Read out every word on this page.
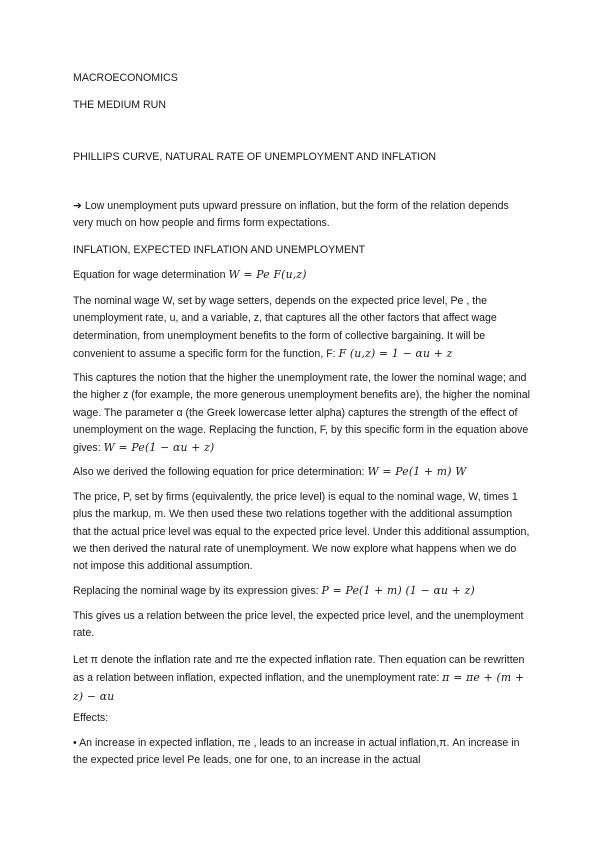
MACROECONOMICS
THE MEDIUM RUN
PHILLIPS CURVE, NATURAL RATE OF UNEMPLOYMENT AND INFLATION
➔ Low unemployment puts upward pressure on inflation, but the form of the relation depends very much on how people and firms form expectations.
INFLATION, EXPECTED INFLATION AND UNEMPLOYMENT
Equation for wage determination W = Pe F(u,z)
The nominal wage W, set by wage setters, depends on the expected price level, Pe , the unemployment rate, u, and a variable, z, that captures all the other factors that affect wage determination, from unemployment benefits to the form of collective bargaining. It will be convenient to assume a specific form for the function, F: F (u,z) = 1 − αu + z
This captures the notion that the higher the unemployment rate, the lower the nominal wage; and the higher z (for example, the more generous unemployment benefits are), the higher the nominal wage. The parameter α (the Greek lowercase letter alpha) captures the strength of the effect of unemployment on the wage. Replacing the function, F, by this specific form in the equation above gives: W = Pe(1 − αu + z)
Also we derived the following equation for price determination: W = Pe(1 + m) W
The price, P, set by firms (equivalently, the price level) is equal to the nominal wage, W, times 1 plus the markup, m. We then used these two relations together with the additional assumption that the actual price level was equal to the expected price level. Under this additional assumption, we then derived the natural rate of unemployment. We now explore what happens when we do not impose this additional assumption.
Replacing the nominal wage by its expression gives: P = Pe(1 + m) (1 − αu + z)
This gives us a relation between the price level, the expected price level, and the unemployment rate.
Let π denote the inflation rate and πe the expected inflation rate. Then equation can be rewritten as a relation between inflation, expected inflation, and the unemployment rate: π = πe + (m + z) − αu
Effects:
• An increase in expected inflation, πe , leads to an increase in actual inflation,π. An increase in the expected price level Pe leads, one for one, to an increase in the actual
